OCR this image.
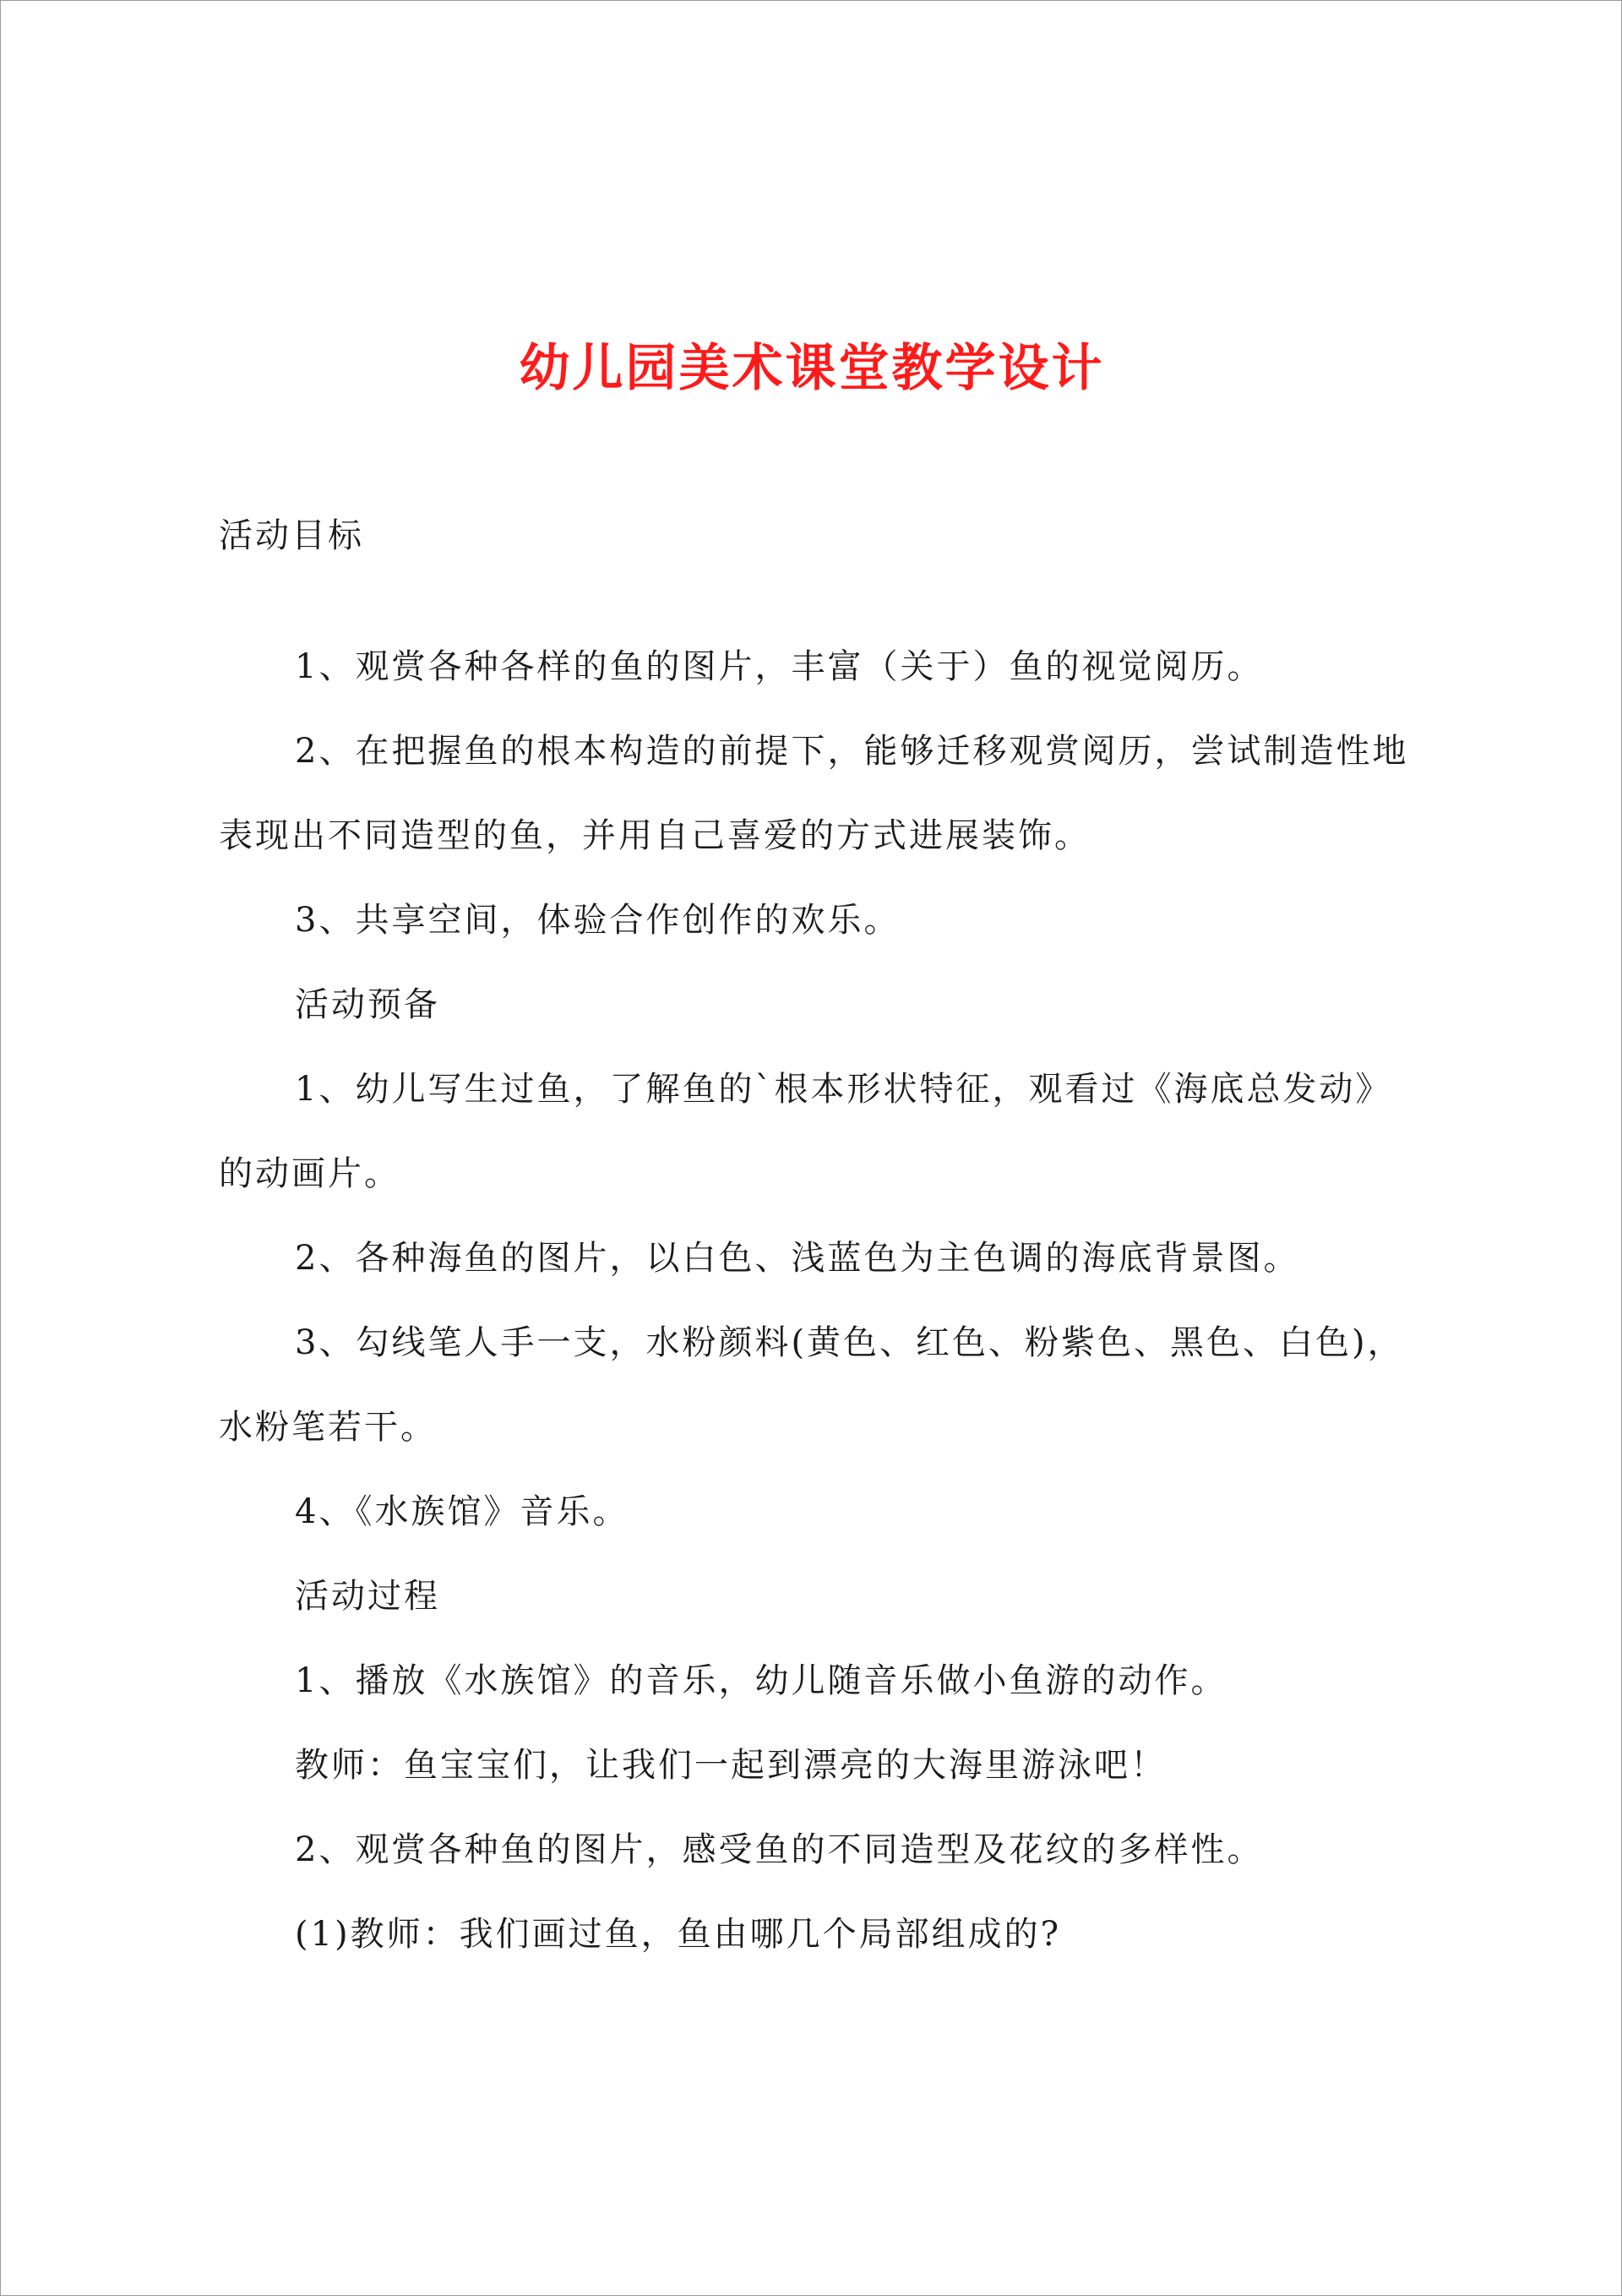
幼儿园美术课堂教学设计

活动目标

1、观赏各种各样的鱼的图片，丰富（关于）鱼的视觉阅历。

2、在把握鱼的根本构造的前提下，能够迁移观赏阅历，尝试制造性地表现出不同造型的鱼，并用自己喜爱的方式进展装饰。

3、共享空间，体验合作创作的欢乐。

活动预备

1、幼儿写生过鱼，了解鱼的`根本形状特征，观看过《海底总发动》的动画片。

2、各种海鱼的图片，以白色、浅蓝色为主色调的海底背景图。

3、勾线笔人手一支，水粉颜料(黄色、红色、粉紫色、黑色、白色)，水粉笔若干。

4、《水族馆》音乐。

活动过程

1、播放《水族馆》的音乐，幼儿随音乐做小鱼游的动作。

教师：鱼宝宝们，让我们一起到漂亮的大海里游泳吧！

2、观赏各种鱼的图片，感受鱼的不同造型及花纹的多样性。

(1)教师：我们画过鱼，鱼由哪几个局部组成的?
